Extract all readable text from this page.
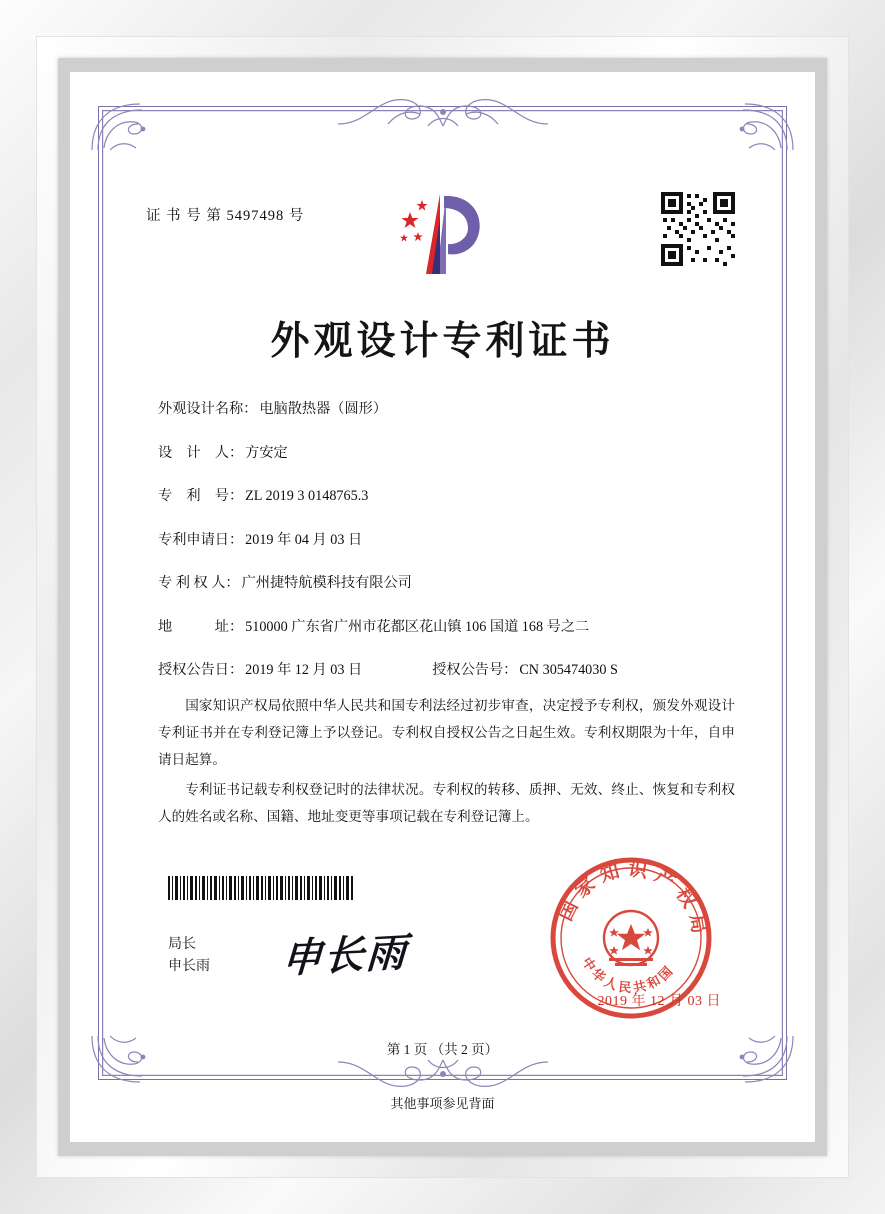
证 书 号 第 5497498 号
外观设计专利证书
外观设计名称： 电脑散热器（圆形）
设　计　人： 方安定
专　利　号： ZL 2019 3 0148765.3
专利申请日： 2019 年 04 月 03 日
专 利 权 人： 广州捷特航模科技有限公司
地　　　址： 510000 广东省广州市花都区花山镇 106 国道 168 号之二
授权公告日： 2019 年 12 月 03 日	授权公告号： CN 305474030 S

国家知识产权局依照中华人民共和国专利法经过初步审查，决定授予专利权，颁发外观设计专利证书并在专利登记簿上予以登记。专利权自授权公告之日起生效。专利权期限为十年，自申请日起算。

专利证书记载专利权登记时的法律状况。专利权的转移、质押、无效、终止、恢复和专利权人的姓名或名称、国籍、地址变更等事项记载在专利登记簿上。

局长
申长雨 申长雨
国家知识产权局
中华人民共和国
2019 年 12 月 03 日
第 1 页 （共 2 页）
其他事项参见背面
